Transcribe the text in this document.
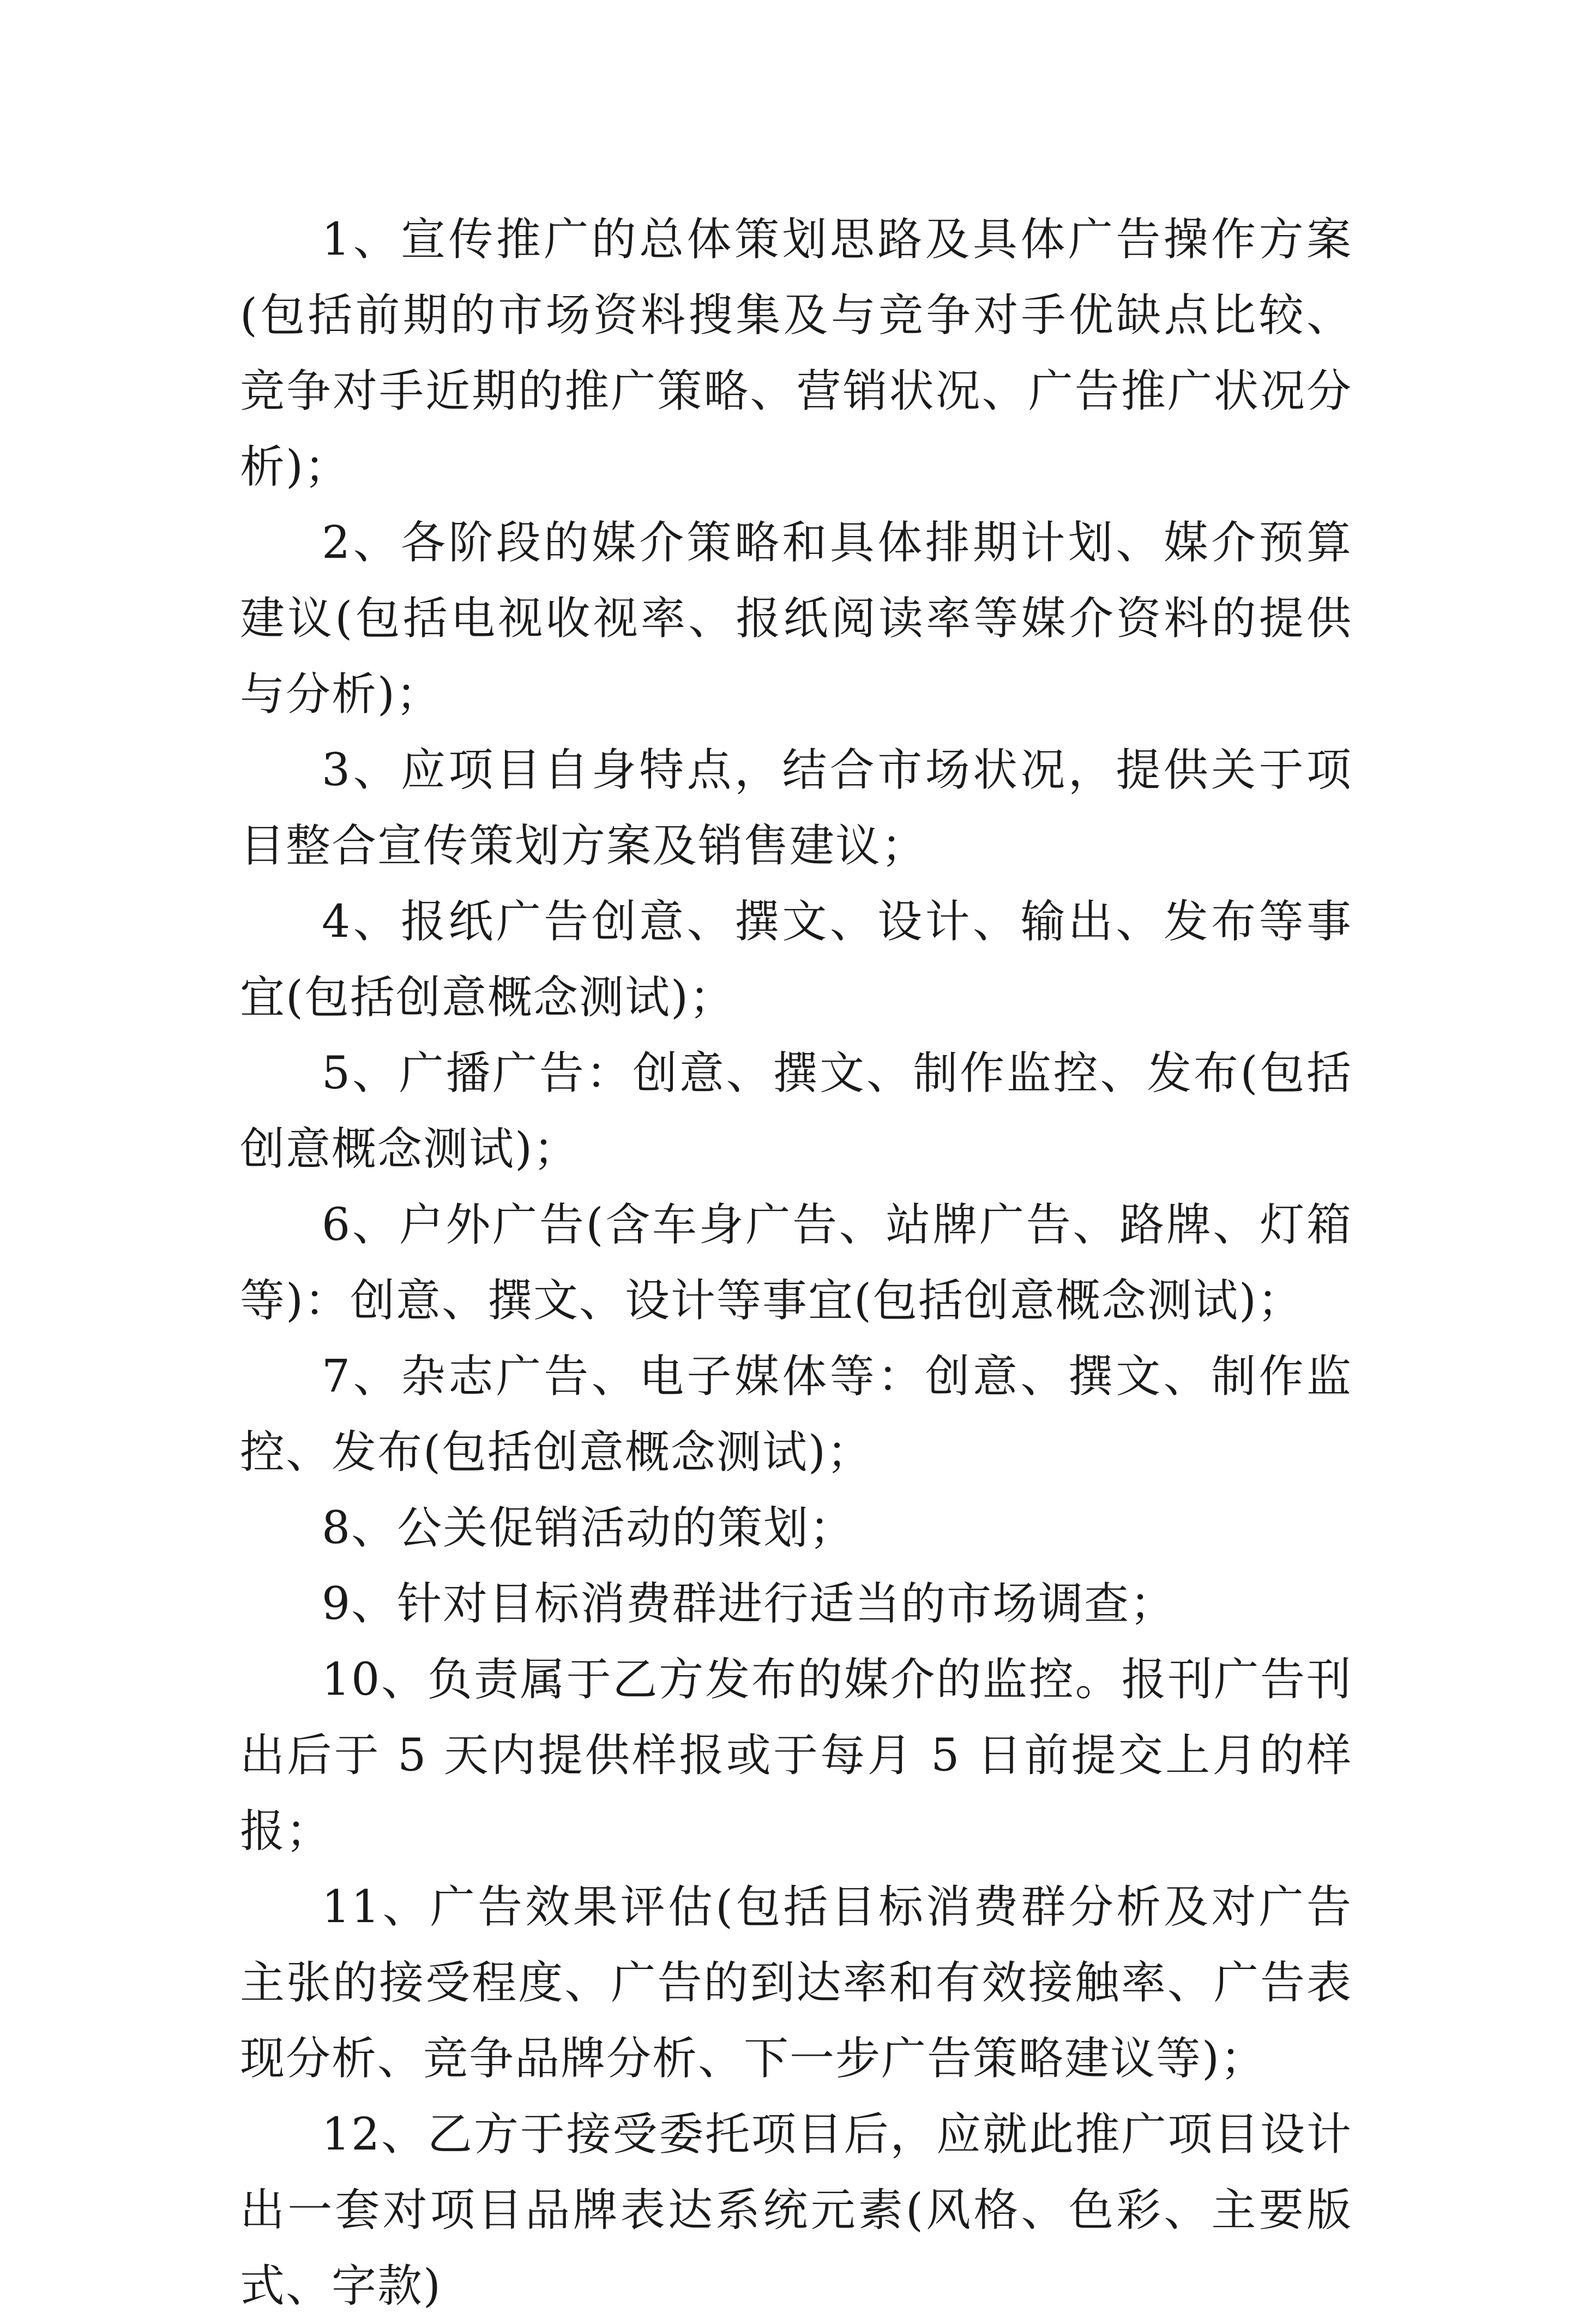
1、宣传推广的总体策划思路及具体广告操作方案(包括前期的市场资料搜集及与竞争对手优缺点比较、竞争对手近期的推广策略、营销状况、广告推广状况分析)；

2、各阶段的媒介策略和具体排期计划、媒介预算建议(包括电视收视率、报纸阅读率等媒介资料的提供与分析)；

3、应项目自身特点，结合市场状况，提供关于项目整合宣传策划方案及销售建议；

4、报纸广告创意、撰文、设计、输出、发布等事宜(包括创意概念测试)；

5、广播广告：创意、撰文、制作监控、发布(包括创意概念测试)；

6、户外广告(含车身广告、站牌广告、路牌、灯箱等)：创意、撰文、设计等事宜(包括创意概念测试)；

7、杂志广告、电子媒体等：创意、撰文、制作监控、发布(包括创意概念测试)；

8、公关促销活动的策划；

9、针对目标消费群进行适当的市场调查；

10、负责属于乙方发布的媒介的监控。报刊广告刊出后于 5 天内提供样报或于每月 5 日前提交上月的样报；

11、广告效果评估(包括目标消费群分析及对广告主张的接受程度、广告的到达率和有效接触率、广告表现分析、竞争品牌分析、下一步广告策略建议等)；

12、乙方于接受委托项目后，应就此推广项目设计出一套对项目品牌表达系统元素(风格、色彩、主要版式、字款)
